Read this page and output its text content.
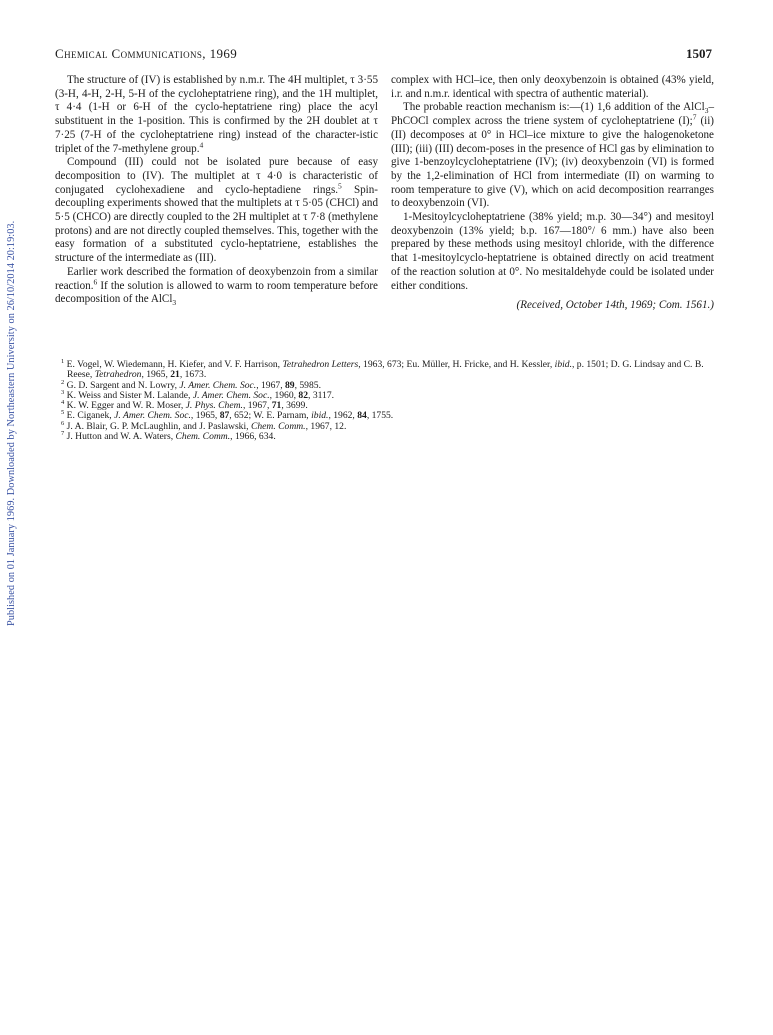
Published on 01 January 1969. Downloaded by Northeastern University on 26/10/2014 20:19:03.
Chemical Communications, 1969	1507

The structure of (IV) is established by n.m.r. The 4H multiplet, τ 3·55 (3-H, 4-H, 2-H, 5-H of the cycloheptatriene ring), and the 1H multiplet, τ 4·4 (1-H or 6-H of the cyclo-heptatriene ring) place the acyl substituent in the 1-position. This is confirmed by the 2H doublet at τ 7·25 (7-H of the cycloheptatriene ring) instead of the character-istic triplet of the 7-methylene group.$^4$

Compound (III) could not be isolated pure because of easy decomposition to (IV). The multiplet at τ 4·0 is characteristic of conjugated cyclohexadiene and cyclo-heptadiene rings.$^5$ Spin-decoupling experiments showed that the multiplets at τ 5·05 (CHCl) and 5·5 (CHCO) are directly coupled to the 2H multiplet at τ 7·8 (methylene protons) and are not directly coupled themselves. This, together with the easy formation of a substituted cyclo-heptatriene, establishes the structure of the intermediate as (III).

Earlier work described the formation of deoxybenzoin from a similar reaction.$^6$ If the solution is allowed to warm to room temperature before decomposition of the AlCl$_3$

complex with HCl–ice, then only deoxybenzoin is obtained (43% yield, i.r. and n.m.r. identical with spectra of authentic material).

The probable reaction mechanism is:—(1) 1,6 addition of the AlCl$_3$–PhCOCl complex across the triene system of cycloheptatriene (I);$^7$ (ii) (II) decomposes at 0° in HCl–ice mixture to give the halogenoketone (III); (iii) (III) decom-poses in the presence of HCl gas by elimination to give 1-benzoylcycloheptatriene (IV); (iv) deoxybenzoin (VI) is formed by the 1,2-elimination of HCl from intermediate (II) on warming to room temperature to give (V), which on acid decomposition rearranges to deoxybenzoin (VI).

1-Mesitoylcycloheptatriene (38% yield; m.p. 30—34°) and mesitoyl deoxybenzoin (13% yield; b.p. 167—180°/ 6 mm.) have also been prepared by these methods using mesitoyl chloride, with the difference that 1-mesitoylcyclo-heptatriene is obtained directly on acid treatment of the reaction solution at 0°. No mesitaldehyde could be isolated under either conditions.

(Received, October 14th, 1969; Com. 1561.)

$^1$ E. Vogel, W. Wiedemann, H. Kiefer, and V. F. Harrison, Tetrahedron Letters, 1963, 673; Eu. Müller, H. Fricke, and H. Kessler, ibid., p. 1501; D. G. Lindsay and C. B. Reese, Tetrahedron, 1965, 21, 1673.

$^2$ G. D. Sargent and N. Lowry, J. Amer. Chem. Soc., 1967, 89, 5985.

$^3$ K. Weiss and Sister M. Lalande, J. Amer. Chem. Soc., 1960, 82, 3117.

$^4$ K. W. Egger and W. R. Moser, J. Phys. Chem., 1967, 71, 3699.

$^5$ E. Ciganek, J. Amer. Chem. Soc., 1965, 87, 652; W. E. Parnam, ibid., 1962, 84, 1755.

$^6$ J. A. Blair, G. P. McLaughlin, and J. Paslawski, Chem. Comm., 1967, 12.

$^7$ J. Hutton and W. A. Waters, Chem. Comm., 1966, 634.
